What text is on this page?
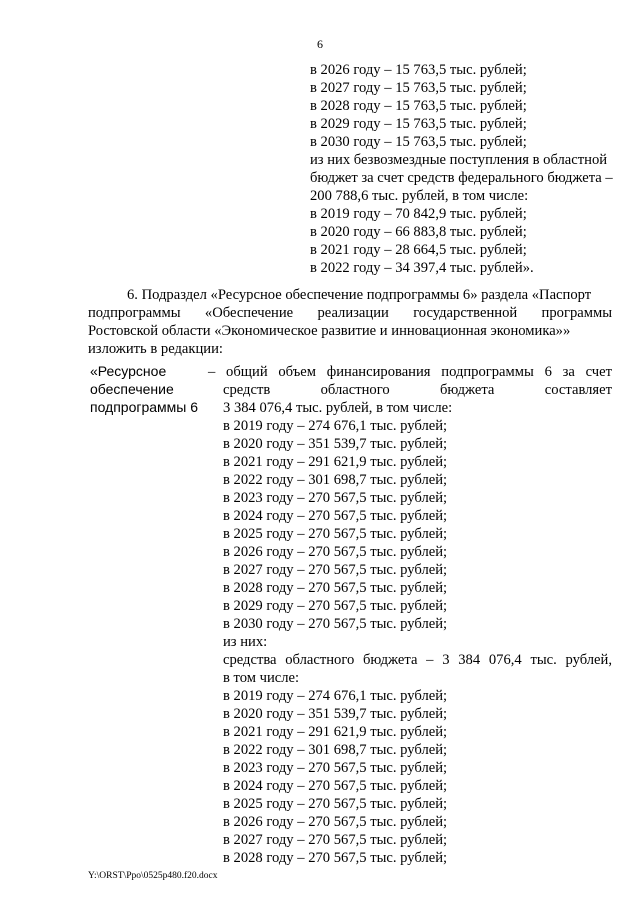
6
в 2026 году – 15 763,5 тыс. рублей;
в 2027 году – 15 763,5 тыс. рублей;
в 2028 году – 15 763,5 тыс. рублей;
в 2029 году – 15 763,5 тыс. рублей;
в 2030 году – 15 763,5 тыс. рублей;
из них безвозмездные поступления в областной
бюджет за счет средств федерального бюджета –
200 788,6 тыс. рублей, в том числе:
в 2019 году – 70 842,9 тыс. рублей;
в 2020 году – 66 883,8 тыс. рублей;
в 2021 году – 28 664,5 тыс. рублей;
в 2022 году – 34 397,4 тыс. рублей».
6. Подраздел «Ресурсное обеспечение подпрограммы 6» раздела «Паспорт
подпрограммы «Обеспечение реализации государственной программы
Ростовской области «Экономическое развитие и инновационная экономика»»
изложить в редакции:
«Ресурсное
обеспечение
подпрограммы 6
– общий объем финансирования подпрограммы 6 за счет
средств областного бюджета составляет
3 384 076,4 тыс. рублей, в том числе:
в 2019 году – 274 676,1 тыс. рублей;
в 2020 году – 351 539,7 тыс. рублей;
в 2021 году – 291 621,9 тыс. рублей;
в 2022 году – 301 698,7 тыс. рублей;
в 2023 году – 270 567,5 тыс. рублей;
в 2024 году – 270 567,5 тыс. рублей;
в 2025 году – 270 567,5 тыс. рублей;
в 2026 году – 270 567,5 тыс. рублей;
в 2027 году – 270 567,5 тыс. рублей;
в 2028 году – 270 567,5 тыс. рублей;
в 2029 году – 270 567,5 тыс. рублей;
в 2030 году – 270 567,5 тыс. рублей;
из них:
средства областного бюджета – 3 384 076,4 тыс. рублей,
в том числе:
в 2019 году – 274 676,1 тыс. рублей;
в 2020 году – 351 539,7 тыс. рублей;
в 2021 году – 291 621,9 тыс. рублей;
в 2022 году – 301 698,7 тыс. рублей;
в 2023 году – 270 567,5 тыс. рублей;
в 2024 году – 270 567,5 тыс. рублей;
в 2025 году – 270 567,5 тыс. рублей;
в 2026 году – 270 567,5 тыс. рублей;
в 2027 году – 270 567,5 тыс. рублей;
в 2028 году – 270 567,5 тыс. рублей;
Y:\ORST\Ppo\0525p480.f20.docx
